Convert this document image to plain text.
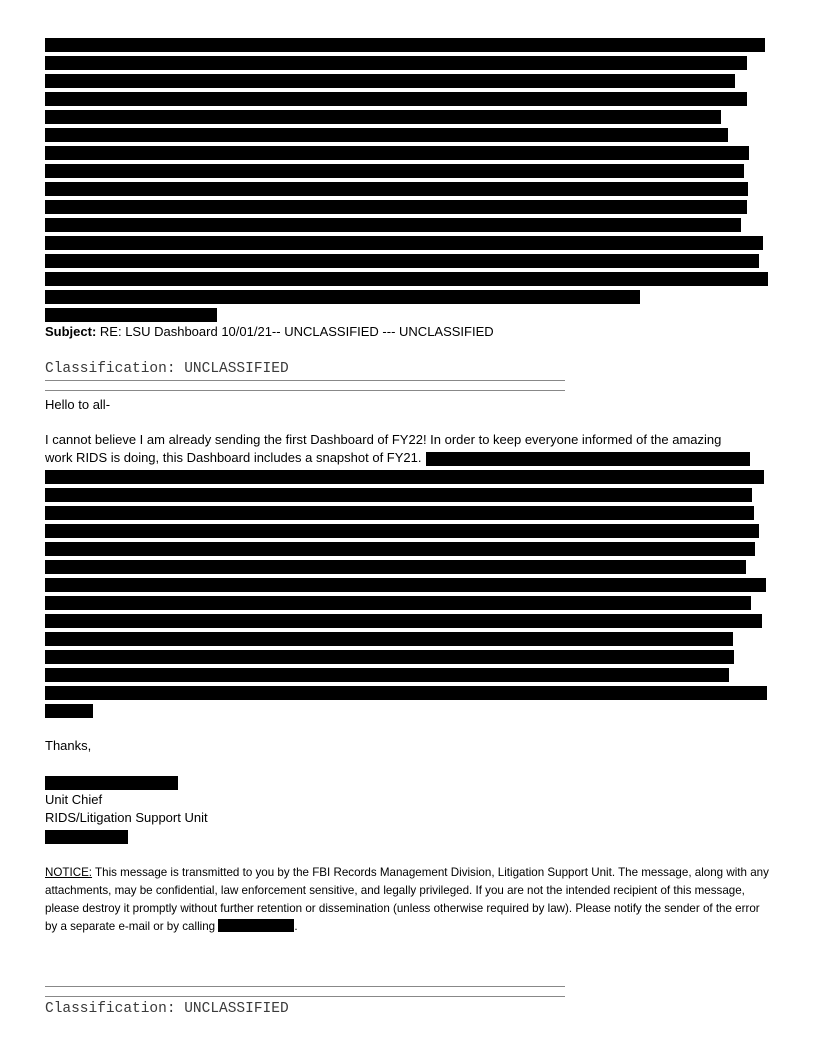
Subject: RE: LSU Dashboard 10/01/21-- UNCLASSIFIED --- UNCLASSIFIED
Classification: UNCLASSIFIED
Hello to all-
I cannot believe I am already sending the first Dashboard of FY22! In order to keep everyone informed of the amazing
work RIDS is doing, this Dashboard includes a snapshot of FY21.
Thanks,
Unit Chief
RIDS/Litigation Support Unit
NOTICE: This message is transmitted to you by the FBI Records Management Division, Litigation Support Unit. The message, along with any attachments, may be confidential, law enforcement sensitive, and legally privileged. If you are not the intended recipient of this message, please destroy it promptly without further retention or dissemination (unless otherwise required by law). Please notify the sender of the error by a separate e-mail or by calling	.
Classification: UNCLASSIFIED
